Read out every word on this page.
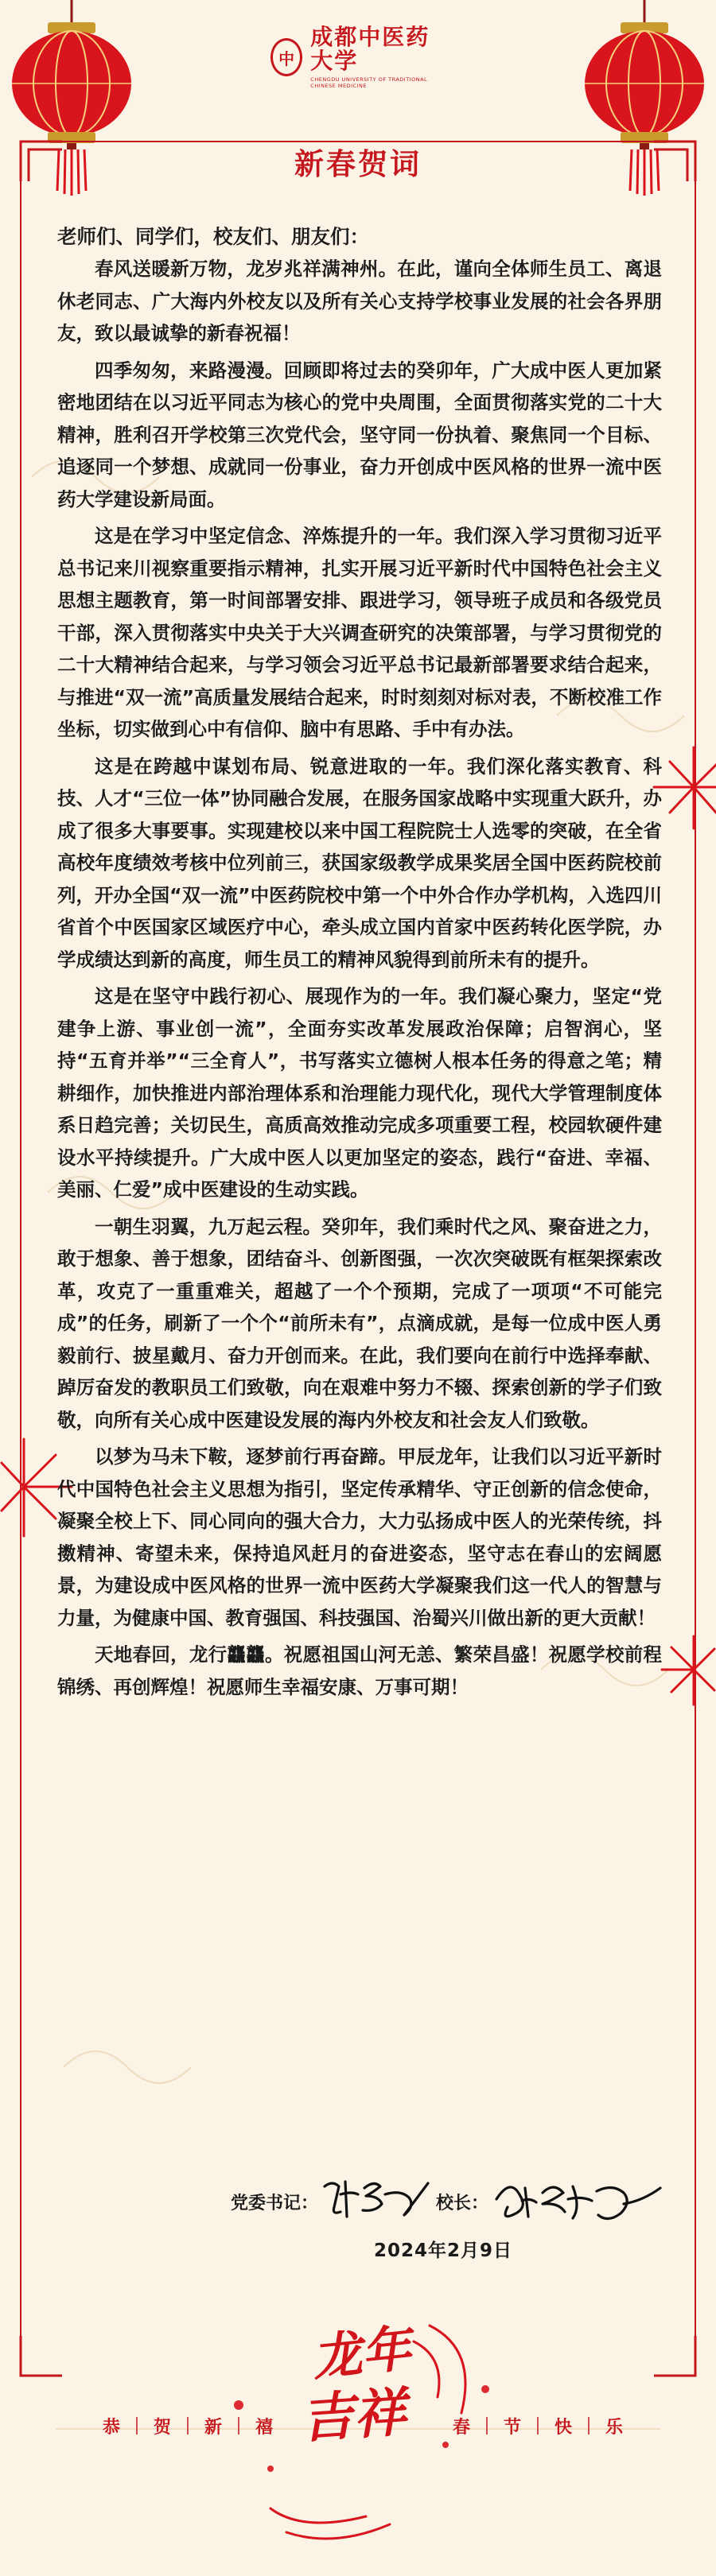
中
成都中医药大学
CHENGDU UNIVERSITY OF TRADITIONAL CHINESE MEDICINE
新春贺词
老师们、同学们，校友们、朋友们：

春风送暖新万物，龙岁兆祥满神州。在此，谨向全体师生员工、离退休老同志、广大海内外校友以及所有关心支持学校事业发展的社会各界朋友，致以最诚挚的新春祝福！

四季匆匆，来路漫漫。回顾即将过去的癸卯年，广大成中医人更加紧密地团结在以习近平同志为核心的党中央周围，全面贯彻落实党的二十大精神，胜利召开学校第三次党代会，坚守同一份执着、聚焦同一个目标、追逐同一个梦想、成就同一份事业，奋力开创成中医风格的世界一流中医药大学建设新局面。

这是在学习中坚定信念、淬炼提升的一年。我们深入学习贯彻习近平总书记来川视察重要指示精神，扎实开展习近平新时代中国特色社会主义思想主题教育，第一时间部署安排、跟进学习，领导班子成员和各级党员干部，深入贯彻落实中央关于大兴调查研究的决策部署，与学习贯彻党的二十大精神结合起来，与学习领会习近平总书记最新部署要求结合起来，与推进“双一流”高质量发展结合起来，时时刻刻对标对表，不断校准工作坐标，切实做到心中有信仰、脑中有思路、手中有办法。

这是在跨越中谋划布局、锐意进取的一年。我们深化落实教育、科技、人才“三位一体”协同融合发展，在服务国家战略中实现重大跃升，办成了很多大事要事。实现建校以来中国工程院院士人选零的突破，在全省高校年度绩效考核中位列前三，获国家级教学成果奖居全国中医药院校前列，开办全国“双一流”中医药院校中第一个中外合作办学机构，入选四川省首个中医国家区域医疗中心，牵头成立国内首家中医药转化医学院，办学成绩达到新的高度，师生员工的精神风貌得到前所未有的提升。

这是在坚守中践行初心、展现作为的一年。我们凝心聚力，坚定“党建争上游、事业创一流”，全面夯实改革发展政治保障；启智润心，坚持“五育并举”“三全育人”，书写落实立德树人根本任务的得意之笔；精耕细作，加快推进内部治理体系和治理能力现代化，现代大学管理制度体系日趋完善；关切民生，高质高效推动完成多项重要工程，校园软硬件建设水平持续提升。广大成中医人以更加坚定的姿态，践行“奋进、幸福、美丽、仁爱”成中医建设的生动实践。

一朝生羽翼，九万起云程。癸卯年，我们乘时代之风、聚奋进之力，敢于想象、善于想象，团结奋斗、创新图强，一次次突破既有框架探索改革，攻克了一重重难关，超越了一个个预期，完成了一项项“不可能完成”的任务，刷新了一个个“前所未有”，点滴成就，是每一位成中医人勇毅前行、披星戴月、奋力开创而来。在此，我们要向在前行中选择奉献、踔厉奋发的教职员工们致敬，向在艰难中努力不辍、探索创新的学子们致敬，向所有关心成中医建设发展的海内外校友和社会友人们致敬。

以梦为马未下鞍，逐梦前行再奋蹄。甲辰龙年，让我们以习近平新时代中国特色社会主义思想为指引，坚定传承精华、守正创新的信念使命，凝聚全校上下、同心同向的强大合力，大力弘扬成中医人的光荣传统，抖擞精神、寄望未来，保持追风赶月的奋进姿态，坚守志在春山的宏阔愿景，为建设成中医风格的世界一流中医药大学凝聚我们这一代人的智慧与力量，为健康中国、教育强国、科技强国、治蜀兴川做出新的更大贡献！

天地春回，龙行龘龘。祝愿祖国山河无恙、繁荣昌盛！祝愿学校前程锦绣、再创辉煌！祝愿师生幸福安康、万事可期！

党委书记：	校长：
2024年2月9日
龙年
吉祥
恭	贺	新	禧	春	节	快	乐
